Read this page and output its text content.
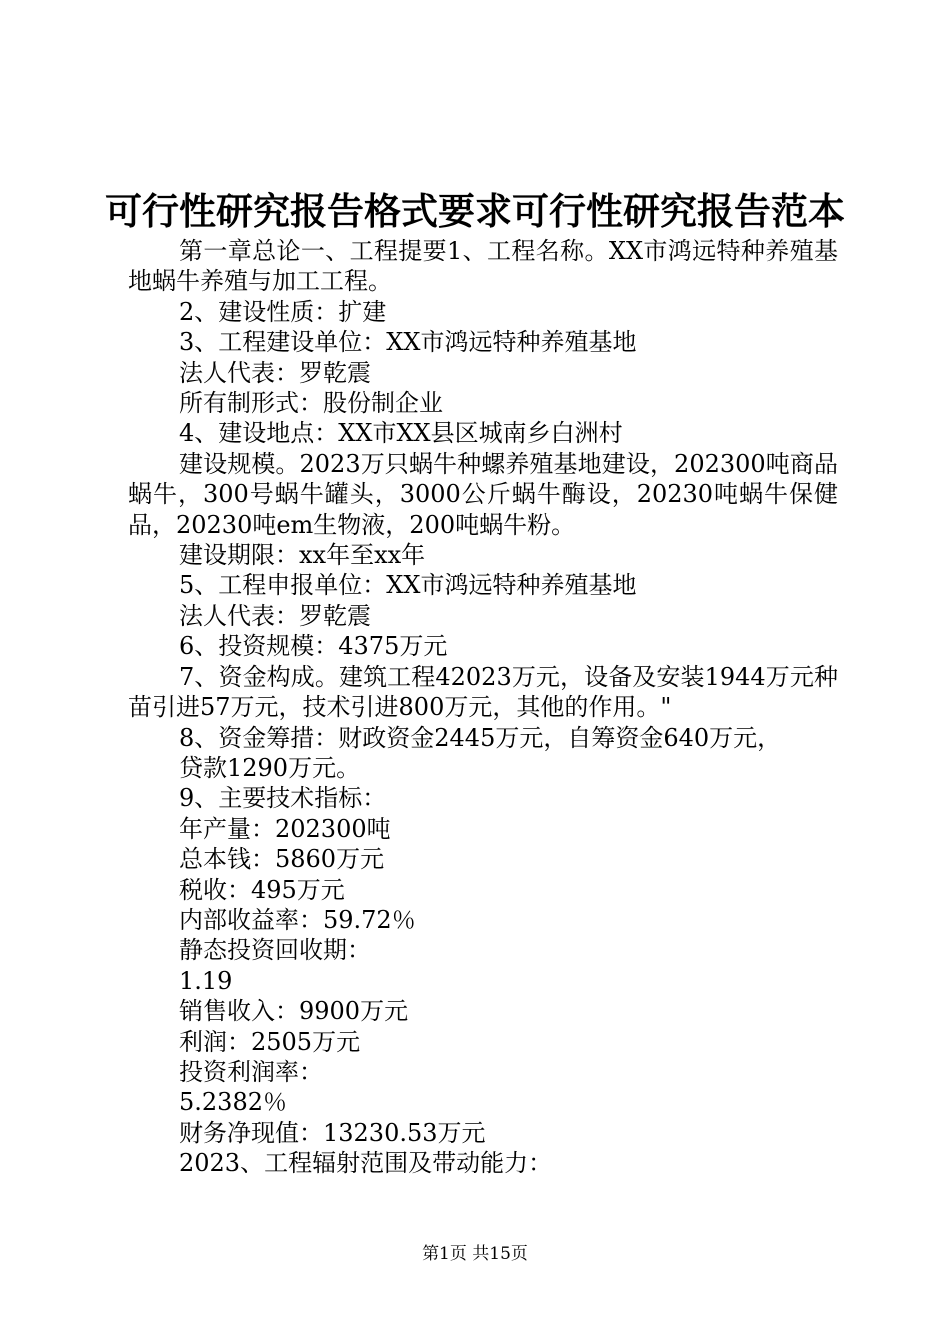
可行性研究报告格式要求可行性研究报告范本

第一章总论一、工程提要1、工程名称。XX市鸿远特种养殖基地蜗牛养殖与加工工程。

2、建设性质：扩建

3、工程建设单位：XX市鸿远特种养殖基地

法人代表：罗乾震

所有制形式：股份制企业

4、建设地点：XX市XX县区城南乡白洲村

建设规模。2023万只蜗牛种螺养殖基地建设，202300吨商品蜗牛，300号蜗牛罐头，3000公斤蜗牛酶设，20230吨蜗牛保健品，20230吨em生物液，200吨蜗牛粉。

建设期限：xx年至xx年

5、工程申报单位：XX市鸿远特种养殖基地

法人代表：罗乾震

6、投资规模：4375万元

7、资金构成。建筑工程42023万元，设备及安装1944万元种苗引进57万元，技术引进800万元，其他的作用。"

8、资金筹措：财政资金2445万元，自筹资金640万元，

贷款1290万元。

9、主要技术指标：

年产量：202300吨

总本钱：5860万元

税收：495万元

内部收益率：59.72％

静态投资回收期：

1.19

销售收入：9900万元

利润：2505万元

投资利润率：

5.2382％

财务净现值：13230.53万元

2023、工程辐射范围及带动能力：

第1页 共15页
